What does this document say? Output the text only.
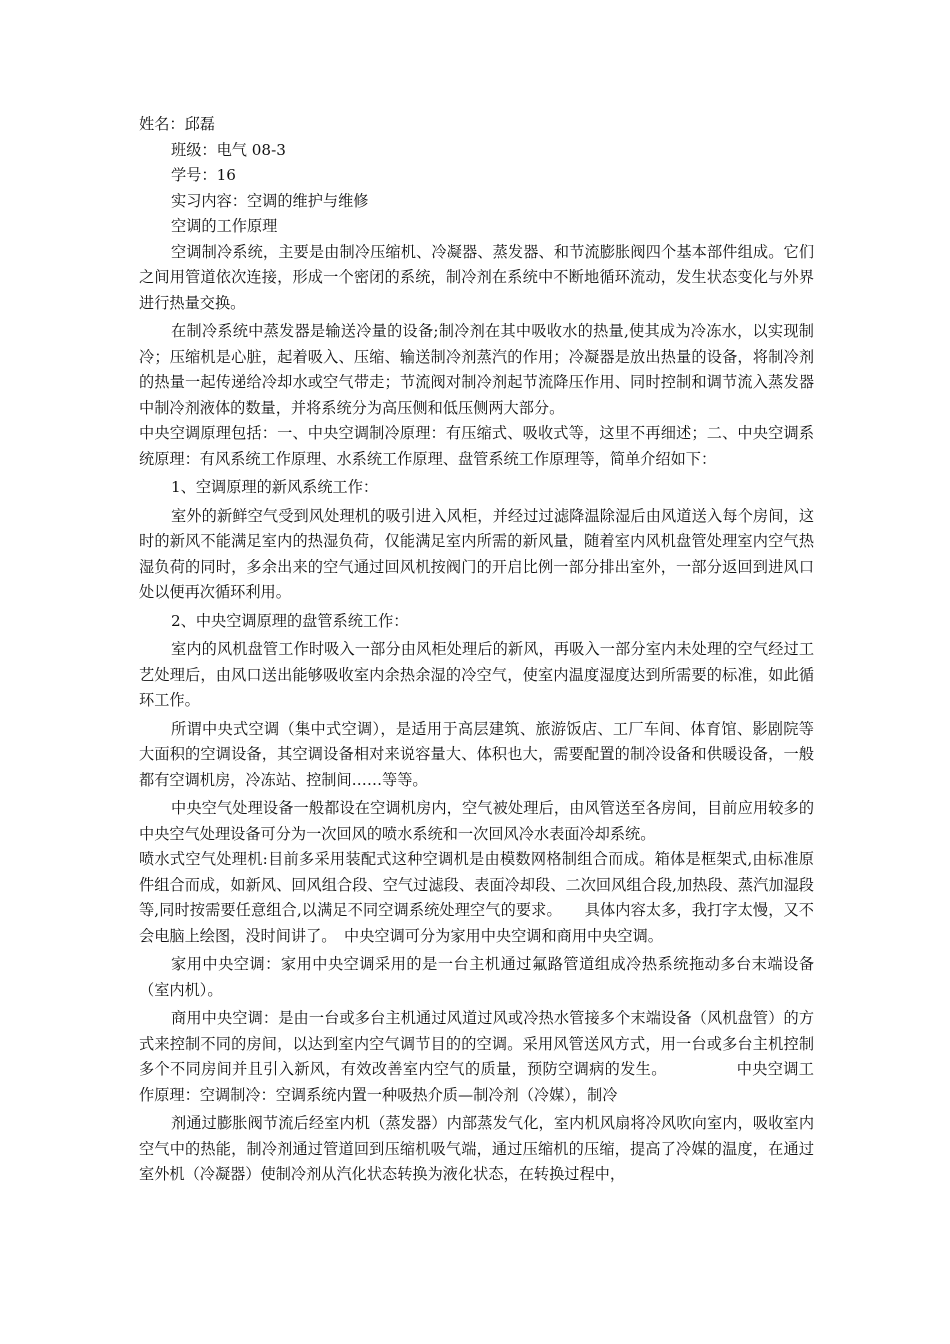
姓名：邱磊

班级：电气 08-3

学号：16

实习内容：空调的维护与维修

空调的工作原理

空调制冷系统，主要是由制冷压缩机、冷凝器、蒸发器、和节流膨胀阀四个基本部件组成。它们之间用管道依次连接，形成一个密闭的系统，制冷剂在系统中不断地循环流动，发生状态变化与外界进行热量交换。

在制冷系统中蒸发器是输送冷量的设备;制冷剂在其中吸收水的热量,使其成为冷冻水，以实现制冷；压缩机是心脏，起着吸入、压缩、输送制冷剂蒸汽的作用；冷凝器是放出热量的设备，将制冷剂的热量一起传递给冷却水或空气带走；节流阀对制冷剂起节流降压作用、同时控制和调节流入蒸发器中制冷剂液体的数量，并将系统分为高压侧和低压侧两大部分。

中央空调原理包括：一、中央空调制冷原理：有压缩式、吸收式等，这里不再细述；二、中央空调系统原理：有风系统工作原理、水系统工作原理、盘管系统工作原理等，简单介绍如下：

1、空调原理的新风系统工作：

室外的新鲜空气受到风处理机的吸引进入风柜，并经过过滤降温除湿后由风道送入每个房间，这时的新风不能满足室内的热湿负荷，仅能满足室内所需的新风量，随着室内风机盘管处理室内空气热湿负荷的同时，多余出来的空气通过回风机按阀门的开启比例一部分排出室外，一部分返回到进风口处以便再次循环利用。

2、中央空调原理的盘管系统工作：

室内的风机盘管工作时吸入一部分由风柜处理后的新风，再吸入一部分室内未处理的空气经过工艺处理后，由风口送出能够吸收室内余热余湿的冷空气，使室内温度湿度达到所需要的标准，如此循环工作。

所谓中央式空调（集中式空调），是适用于高层建筑、旅游饭店、工厂车间、体育馆、影剧院等大面积的空调设备，其空调设备相对来说容量大、体积也大，需要配置的制冷设备和供暖设备，一般都有空调机房，冷冻站、控制间……等等。

中央空气处理设备一般都设在空调机房内，空气被处理后，由风管送至各房间，目前应用较多的中央空气处理设备可分为一次回风的喷水系统和一次回风冷水表面冷却系统。

喷水式空气处理机:目前多采用装配式这种空调机是由模数网格制组合而成。箱体是框架式,由标准原件组合而成，如新风、回风组合段、空气过滤段、表面冷却段、二次回风组合段,加热段、蒸汽加湿段等,同时按需要任意组合,以满足不同空调系统处理空气的要求。　　具体内容太多，我打字太慢，又不会电脑上绘图，没时间讲了。　中央空调可分为家用中央空调和商用中央空调。

家用中央空调：家用中央空调采用的是一台主机通过氟路管道组成冷热系统拖动多台末端设备（室内机）。

商用中央空调：是由一台或多台主机通过风道过风或冷热水管接多个末端设备（风机盘管）的方式来控制不同的房间，以达到室内空气调节目的的空调。采用风管送风方式，用一台或多台主机控制多个不同房间并且引入新风，有效改善室内空气的质量，预防空调病的发生。　　　　　中央空调工作原理：空调制冷：空调系统内置一种吸热介质—制冷剂（冷媒），制冷

剂通过膨胀阀节流后经室内机（蒸发器）内部蒸发气化，室内机风扇将冷风吹向室内，吸收室内空气中的热能，制冷剂通过管道回到压缩机吸气端，通过压缩机的压缩，提高了冷媒的温度，在通过室外机（冷凝器）使制冷剂从汽化状态转换为液化状态，在转换过程中，
